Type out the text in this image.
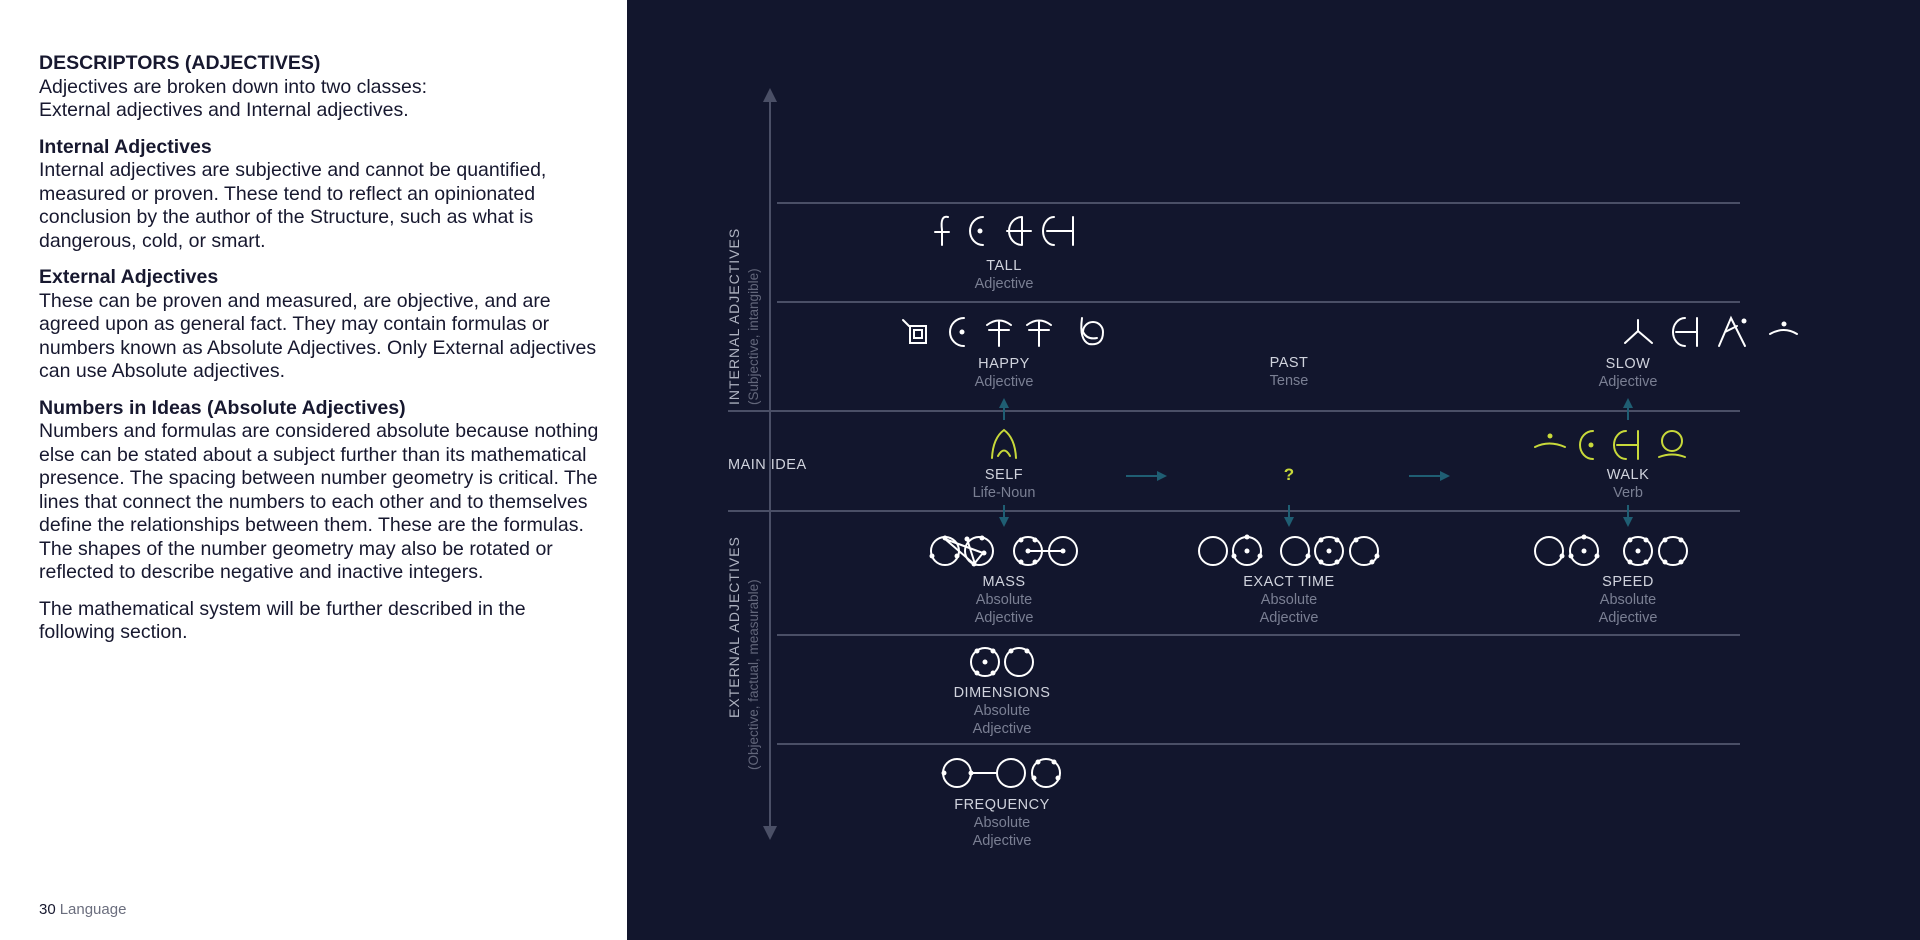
DESCRIPTORS (ADJECTIVES)

Adjectives are broken down into two classes:

External adjectives and Internal adjectives.

Internal Adjectives

Internal adjectives are subjective and cannot be quantified, measured or proven. These tend to reflect an opinionated conclusion by the author of the Structure, such as what is dangerous, cold, or smart.

External Adjectives

These can be proven and measured, are objective, and are agreed upon as general fact. They may contain formulas or numbers known as Absolute Adjectives. Only External adjectives can use Absolute adjectives.

Numbers in Ideas (Absolute Adjectives)

Numbers and formulas are considered absolute because nothing else can be stated about a subject further than its mathematical presence. The spacing between number geometry is critical. The lines that connect the numbers to each other and to themselves define the relationships between them. These are the formulas. The shapes of the number geometry may also be rotated or reflected to describe negative and inactive integers.

The mathematical system will be further described in the following section.

30 Language
INTERNAL ADJECTIVES (Subjective, intangible)
EXTERNAL ADJECTIVES (Objective, factual, measurable)
MAIN IDEA
TALL
Adjective
HAPPY
Adjective
PAST
Tense
SLOW
Adjective
SELF
Life-Noun
?	WALK
Verb
MASS
Absolute
Adjective
EXACT TIME
Absolute
Adjective
SPEED
Absolute
Adjective
DIMENSIONS
Absolute
Adjective
FREQUENCY
Absolute
Adjective
